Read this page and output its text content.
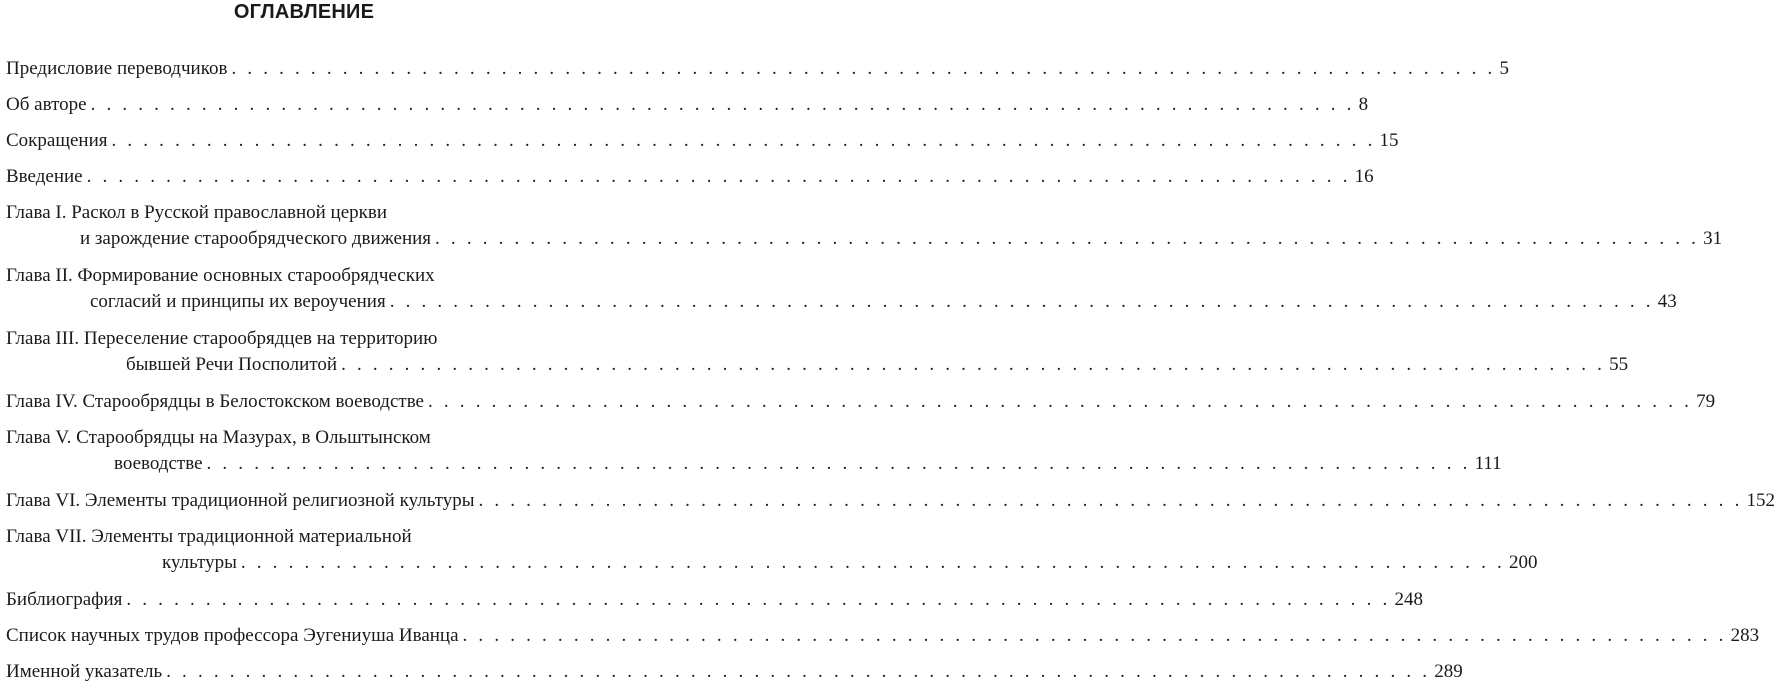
ОГЛАВЛЕНИЕ
Предисловие переводчиков . . . . . . . . . . . . . . . . . . . . . . . . . . . . . . . . . . . . . . . . . . . . . . . . . . . . . . . . . . . . . . . . . . . . . . . . . . . . . . . . 5
Об авторе . . . . . . . . . . . . . . . . . . . . . . . . . . . . . . . . . . . . . . . . . . . . . . . . . . . . . . . . . . . . . . . . . . . . . . . . . . . . . . . . 8
Сокращения . . . . . . . . . . . . . . . . . . . . . . . . . . . . . . . . . . . . . . . . . . . . . . . . . . . . . . . . . . . . . . . . . . . . . . . . . . . . . . . . 15
Введение . . . . . . . . . . . . . . . . . . . . . . . . . . . . . . . . . . . . . . . . . . . . . . . . . . . . . . . . . . . . . . . . . . . . . . . . . . . . . . . . 16
Глава I. Раскол в Русской православной церкви
и зарождение старообрядческого движения . . . . . . . . . . . . . . . . . . . . . . . . . . . . . . . . . . . . . . . . . . . . . . . . . . . . . . . . . . . . . . . . . . . . . . . . . . . . . . . . 31
Глава II. Формирование основных старообрядческих
согласий и принципы их вероучения . . . . . . . . . . . . . . . . . . . . . . . . . . . . . . . . . . . . . . . . . . . . . . . . . . . . . . . . . . . . . . . . . . . . . . . . . . . . . . . . 43
Глава III. Переселение старообрядцев на территорию
бывшей Речи Посполитой . . . . . . . . . . . . . . . . . . . . . . . . . . . . . . . . . . . . . . . . . . . . . . . . . . . . . . . . . . . . . . . . . . . . . . . . . . . . . . . . 55
Глава IV. Старообрядцы в Белостокском воеводстве . . . . . . . . . . . . . . . . . . . . . . . . . . . . . . . . . . . . . . . . . . . . . . . . . . . . . . . . . . . . . . . . . . . . . . . . . . . . . . . . 79
Глава V. Старообрядцы на Мазурах, в Ольштынском
воеводстве . . . . . . . . . . . . . . . . . . . . . . . . . . . . . . . . . . . . . . . . . . . . . . . . . . . . . . . . . . . . . . . . . . . . . . . . . . . . . . . . 111
Глава VI. Элементы традиционной религиозной культуры . . . . . . . . . . . . . . . . . . . . . . . . . . . . . . . . . . . . . . . . . . . . . . . . . . . . . . . . . . . . . . . . . . . . . . . . . . . . . . . . 152
Глава VII. Элементы традиционной материальной
культуры . . . . . . . . . . . . . . . . . . . . . . . . . . . . . . . . . . . . . . . . . . . . . . . . . . . . . . . . . . . . . . . . . . . . . . . . . . . . . . . . 200
Библиография . . . . . . . . . . . . . . . . . . . . . . . . . . . . . . . . . . . . . . . . . . . . . . . . . . . . . . . . . . . . . . . . . . . . . . . . . . . . . . . . 248
Список научных трудов профессора Эугениуша Иванца . . . . . . . . . . . . . . . . . . . . . . . . . . . . . . . . . . . . . . . . . . . . . . . . . . . . . . . . . . . . . . . . . . . . . . . . . . . . . . . . 283
Именной указатель . . . . . . . . . . . . . . . . . . . . . . . . . . . . . . . . . . . . . . . . . . . . . . . . . . . . . . . . . . . . . . . . . . . . . . . . . . . . . . . . 289
